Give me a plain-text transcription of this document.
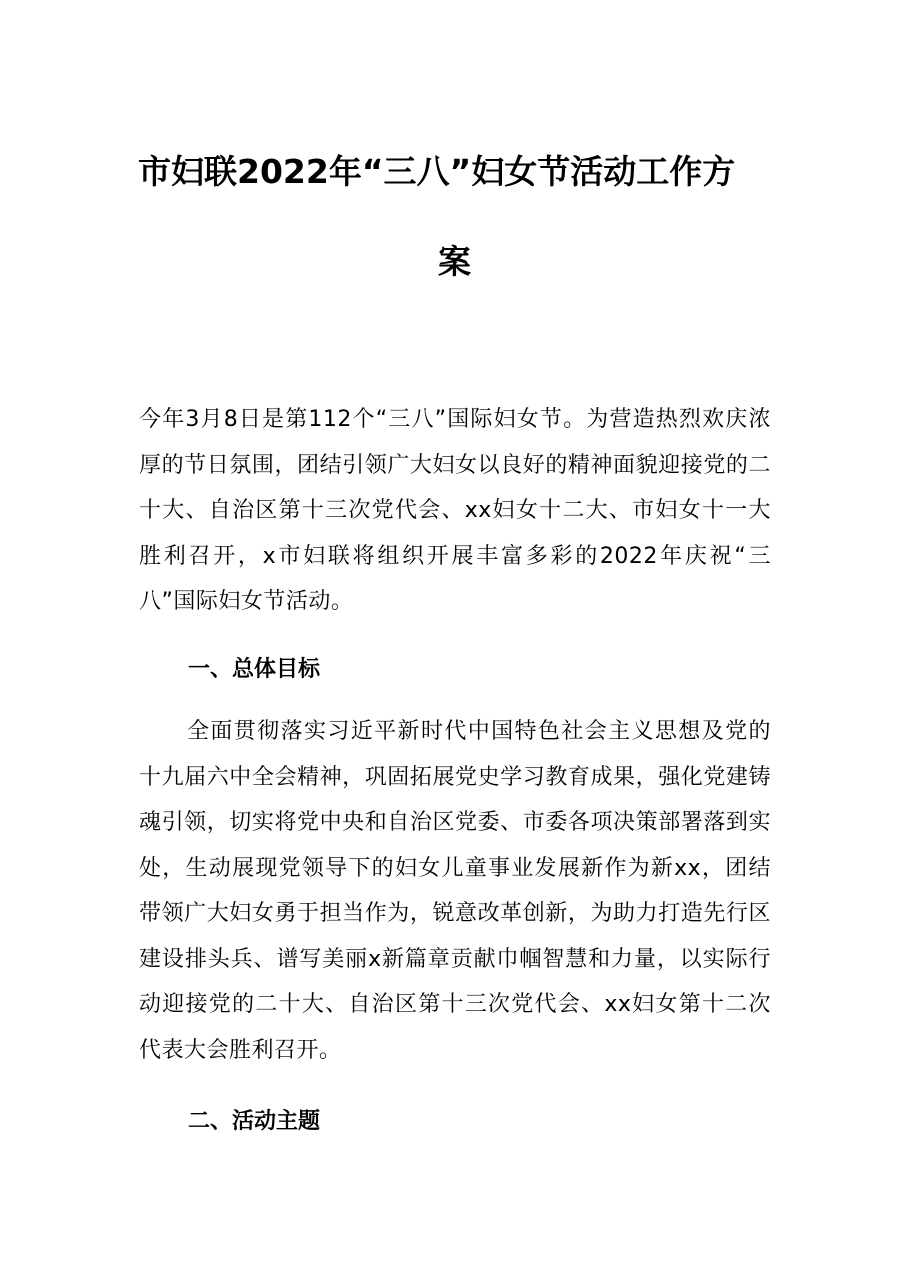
市妇联2022年“三八”妇女节活动工作方
案

今年3月8日是第112个“三八”国际妇女节。为营造热烈欢庆浓厚的节日氛围，团结引领广大妇女以良好的精神面貌迎接党的二十大、自治区第十三次党代会、xx妇女十二大、市妇女十一大胜利召开，x市妇联将组织开展丰富多彩的2022年庆祝“三八”国际妇女节活动。

一、总体目标

全面贯彻落实习近平新时代中国特色社会主义思想及党的十九届六中全会精神，巩固拓展党史学习教育成果，强化党建铸魂引领，切实将党中央和自治区党委、市委各项决策部署落到实处，生动展现党领导下的妇女儿童事业发展新作为新xx，团结带领广大妇女勇于担当作为，锐意改革创新，为助力打造先行区建设排头兵、谱写美丽x新篇章贡献巾帼智慧和力量，以实际行动迎接党的二十大、自治区第十三次党代会、xx妇女第十二次代表大会胜利召开。

二、活动主题
